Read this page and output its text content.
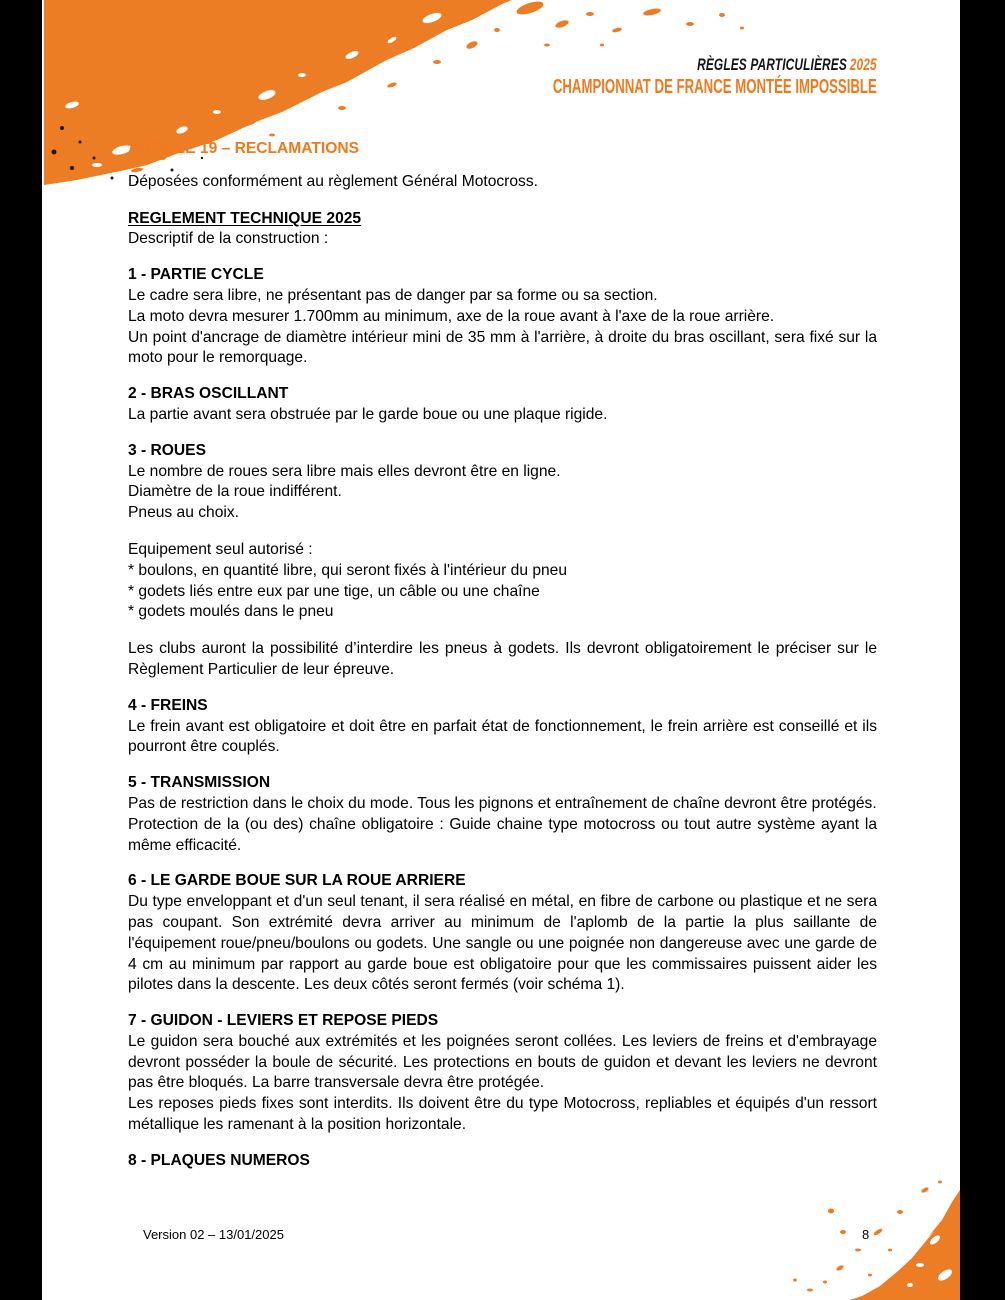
RÈGLES PARTICULIÈRES 2025
CHAMPIONNAT DE FRANCE MONTÉE IMPOSSIBLE
ARTICLE 19 – RECLAMATIONS

Déposées conformément au règlement Général Motocross.

REGLEMENT TECHNIQUE 2025

Descriptif de la construction :

1 - PARTIE CYCLE

Le cadre sera libre, ne présentant pas de danger par sa forme ou sa section.

La moto devra mesurer 1.700mm au minimum, axe de la roue avant à l'axe de la roue arrière.

Un point d'ancrage de diamètre intérieur mini de 35 mm à l'arrière, à droite du bras oscillant, sera fixé sur la moto pour le remorquage.

2 - BRAS OSCILLANT

La partie avant sera obstruée par le garde boue ou une plaque rigide.

3 - ROUES

Le nombre de roues sera libre mais elles devront être en ligne.

Diamètre de la roue indifférent.

Pneus au choix.

Equipement seul autorisé :

* boulons, en quantité libre, qui seront fixés à l'intérieur du pneu

* godets liés entre eux par une tige, un câble ou une chaîne

* godets moulés dans le pneu

Les clubs auront la possibilité d’interdire les pneus à godets. Ils devront obligatoirement le préciser sur le Règlement Particulier de leur épreuve.

4 - FREINS

Le frein avant est obligatoire et doit être en parfait état de fonctionnement, le frein arrière est conseillé et ils pourront être couplés.

5 - TRANSMISSION

Pas de restriction dans le choix du mode. Tous les pignons et entraînement de chaîne devront être protégés.

Protection de la (ou des) chaîne obligatoire : Guide chaine type motocross ou tout autre système ayant la même efficacité.

6 - LE GARDE BOUE SUR LA ROUE ARRIERE

Du type enveloppant et d'un seul tenant, il sera réalisé en métal, en fibre de carbone ou plastique et ne sera pas coupant. Son extrémité devra arriver au minimum de l'aplomb de la partie la plus saillante de l'équipement roue/pneu/boulons ou godets. Une sangle ou une poignée non dangereuse avec une garde de 4 cm au minimum par rapport au garde boue est obligatoire pour que les commissaires puissent aider les pilotes dans la descente. Les deux côtés seront fermés (voir schéma 1).

7 - GUIDON - LEVIERS ET REPOSE PIEDS

Le guidon sera bouché aux extrémités et les poignées seront collées. Les leviers de freins et d'embrayage devront posséder la boule de sécurité. Les protections en bouts de guidon et devant les leviers ne devront pas être bloqués. La barre transversale devra être protégée.

Les reposes pieds fixes sont interdits. Ils doivent être du type Motocross, repliables et équipés d'un ressort métallique les ramenant à la position horizontale.

8 - PLAQUES NUMEROS
Version 02 – 13/01/2025	8
